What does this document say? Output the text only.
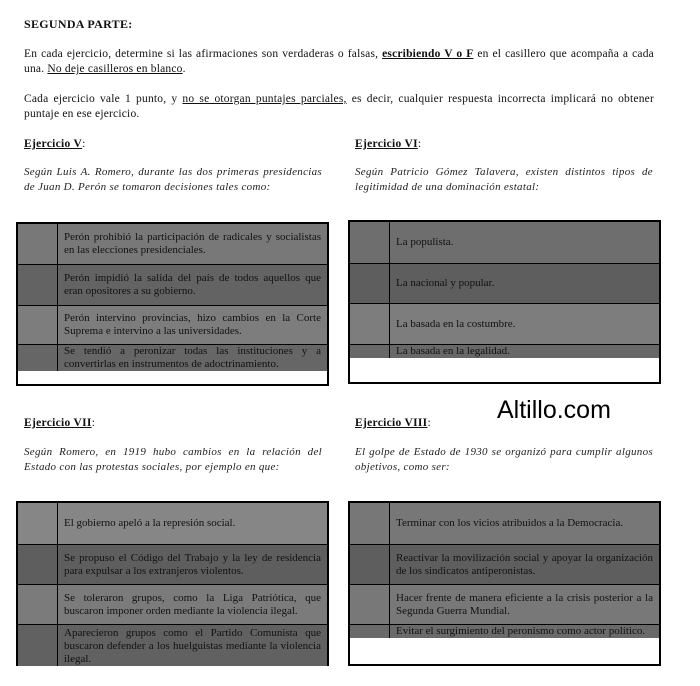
SEGUNDA PARTE:
En cada ejercicio, determine si las afirmaciones son verdaderas o falsas, escribiendo V o F en el casillero que acompaña a cada una. No deje casilleros en blanco.
Cada ejercicio vale 1 punto, y no se otorgan puntajes parciales, es decir, cualquier respuesta incorrecta implicará no obtener puntaje en ese ejercicio.
Ejercicio V:
Según Luis A. Romero, durante las dos primeras presidencias de Juan D. Perón se tomaron decisiones tales como:
Perón prohibió la participación de radicales y socialistas en las elecciones presidenciales.
Perón impidió la salida del país de todos aquellos que eran opositores a su gobierno.
Perón intervino provincias, hizo cambios en la Corte Suprema e intervino a las universidades.
Se tendió a peronizar todas las instituciones y a convertirlas en instrumentos de adoctrinamiento.
Ejercicio VI:
Según Patricio Gómez Talavera, existen distintos tipos de legitimidad de una dominación estatal:
La populista.
La nacional y popular.
La basada en la costumbre.
La basada en la legalidad.
Altillo.com
Ejercicio VII:
Según Romero, en 1919 hubo cambios en la relación del Estado con las protestas sociales, por ejemplo en que:
El gobierno apeló a la represión social.
Se propuso el Código del Trabajo y la ley de residencia para expulsar a los extranjeros violentos.
Se toleraron grupos, como la Liga Patriótica, que buscaron imponer orden mediante la violencia ilegal.
Aparecieron grupos como el Partido Comunista que buscaron defender a los huelguistas mediante la violencia ilegal.
Ejercicio VIII:
El golpe de Estado de 1930 se organizó para cumplir algunos objetivos, como ser:
Terminar con los vicios atribuidos a la Democracia.
Reactivar la movilización social y apoyar la organización de los sindicatos antiperonistas.
Hacer frente de manera eficiente a la crisis posterior a la Segunda Guerra Mundial.
Evitar el surgimiento del peronismo como actor político.
